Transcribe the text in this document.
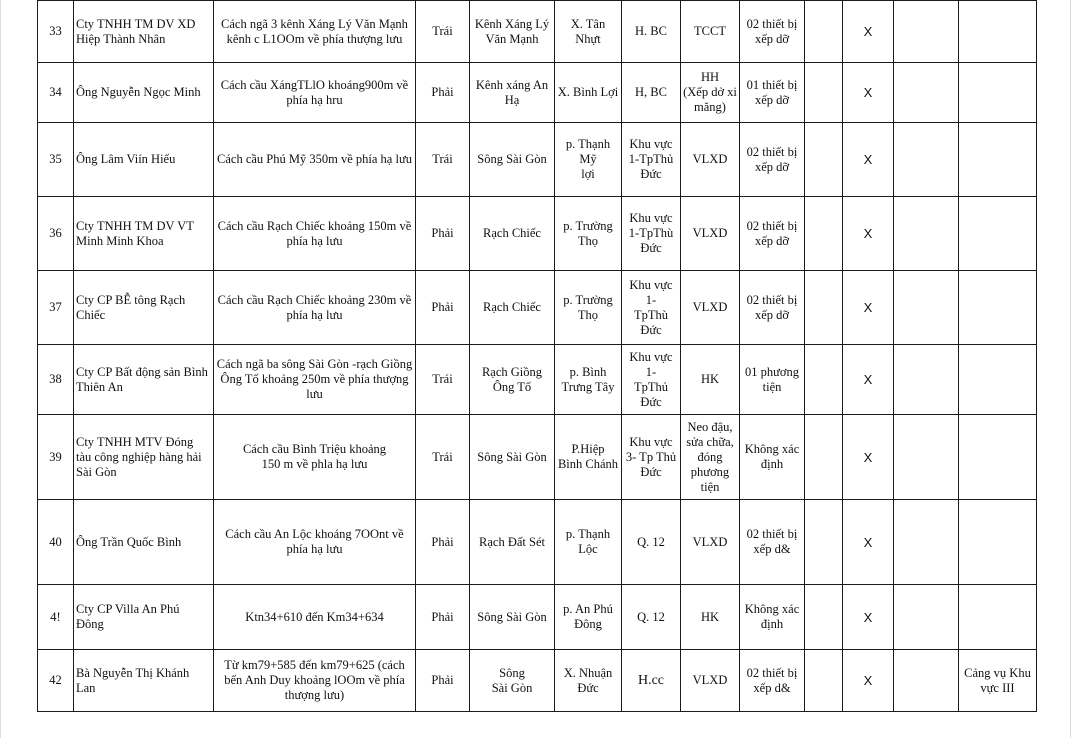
33	Cty TNHH TM DV XD
Hiệp Thành Nhân	Cách ngã 3 kênh Xáng Lý Văn Mạnh
kênh c L1OOm về phía thượng lưu	Trái	Kênh Xáng Lý
Văn Mạnh	X. Tân Nhựt	H. BC	TCCT	02 thiết bị
xếp dỡ		X		
34	Ông Nguyễn Ngọc Minh	Cách cầu XángTLlO khoáng900m về
phía hạ hru	Phải	Kênh xáng An
Hạ	X. Bình Lợi	H, BC	HH
(Xếp dở xi
măng)	01 thiết bị
xếp dỡ		X		
35	Ông Lâm Viín Hiếu	Cách cầu Phú Mỹ 350m về phía hạ lưu	Trái	Sông Sài Gòn	p. Thạnh Mỹ
lợi	Khu vực
1-TpThủ
Đức	VLXD	02 thiết bị
xếp dỡ		X		
36	Cty TNHH TM DV VT
Minh Minh Khoa	Cách cầu Rạch Chiếc khoảng 150m về
phía hạ lưu	Phải	Rạch Chiếc	p. Trường
Thọ	Khu vực
1-TpThù
Đức	VLXD	02 thiết bị
xếp dỡ		X		
37	Cty CP BỄ tông Rạch
Chiếc	Cách cầu Rạch Chiếc khoảng 230m về
phía hạ lưu	Phải	Rạch Chiếc	p. Trường
Thọ	Khu vực 1-
TpThù
Đức	VLXD	02 thiết bị
xếp dỡ		X		
38	Cty CP Bất động sản Bình
Thiên An	Cách ngã ba sông Sài Gòn -rạch Giồng
Ông Tố khoảng 250m về phía thượng
lưu	Trái	Rạch Giồng
Ông Tố	p. Bình
Trưng Tây	Khu vực 1-
TpThủ
Đức	HK	01 phương
tiện		X		
39	Cty TNHH MTV Đóng
tàu công nghiệp hàng hải
Sài Gòn	Cách cầu Bình Triệu khoảng
150 m về phla hạ lưu	Trái	Sông Sài Gòn	P.Hiệp
Bình Chánh	Khu vực
3- Tp Thủ
Đức	Neo đậu,
sửa chữa,
đóng
phương
tiện	Không xác
định		X		
40	Ông Trần Quốc Bình	Cách cầu An Lộc khoáng 7OOnt về
phía hạ lưu	Phải	Rạch Đất Sét	p. Thạnh
Lộc	Q. 12	VLXD	02 thiết bị
xếp d&		X		
4!	Cty CP Villa An Phú
Đông	Ktn34+610 đến Km34+634	Phải	Sông Sài Gòn	p. An Phú
Đông	Q. 12	HK	Không xác
định		X		
42	Bà Nguyễn Thị Khánh
Lan	Từ km79+585 đến km79+625 (cách
bến Anh Duy khoảng lOOm về phía
thượng lưu)	Phải	Sông
Sài Gòn	X. Nhuận
Đức	H.cc	VLXD	02 thiết bị
xếp d&		X		Cảng vụ Khu
vực III
